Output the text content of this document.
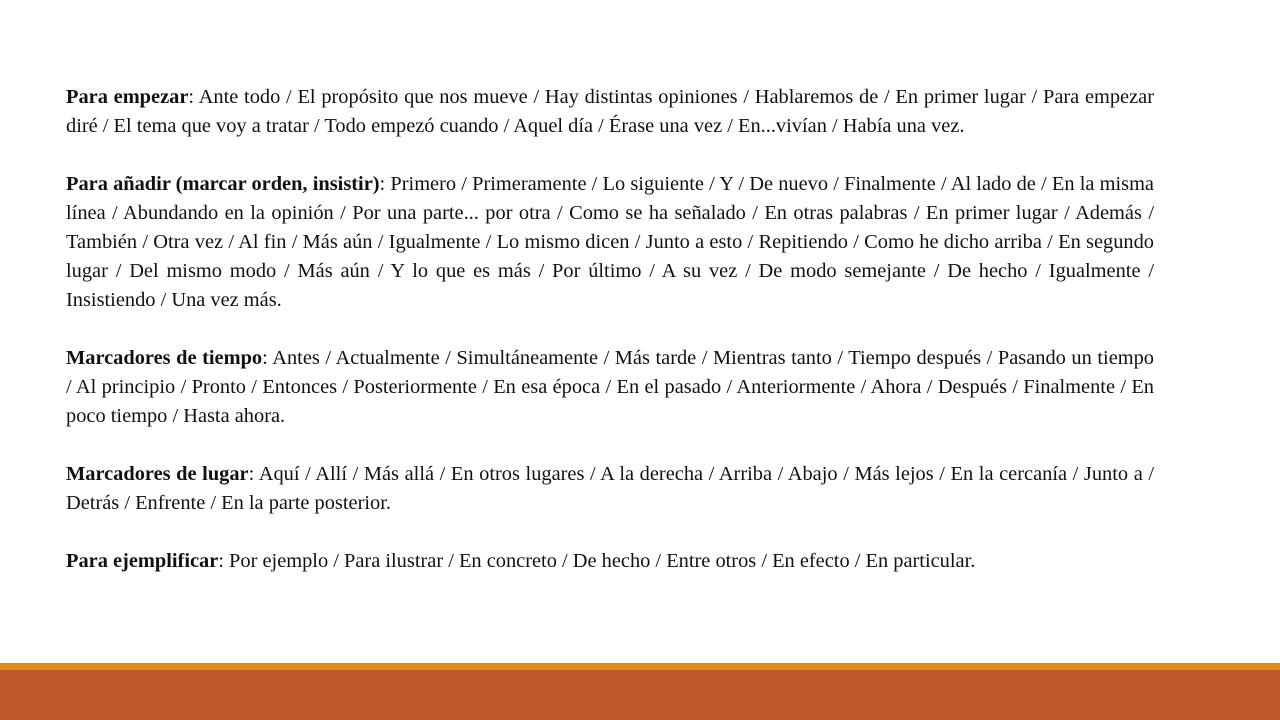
Para empezar: Ante todo / El propósito que nos mueve / Hay distintas opiniones / Hablaremos de / En primer lugar / Para empezar diré / El tema que voy a tratar / Todo empezó cuando / Aquel día / Érase una vez / En...vivían / Había una vez.

Para añadir (marcar orden, insistir): Primero / Primeramente / Lo siguiente / Y / De nuevo / Finalmente / Al lado de / En la misma línea / Abundando en la opinión / Por una parte... por otra / Como se ha señalado / En otras palabras / En primer lugar / Además / También / Otra vez / Al fin / Más aún / Igualmente / Lo mismo dicen / Junto a esto / Repitiendo / Como he dicho arriba / En segundo lugar / Del mismo modo / Más aún / Y lo que es más / Por último / A su vez / De modo semejante / De hecho / Igualmente / Insistiendo / Una vez más.

Marcadores de tiempo: Antes / Actualmente / Simultáneamente / Más tarde / Mientras tanto / Tiempo después / Pasando un tiempo / Al principio / Pronto / Entonces / Posteriormente / En esa época / En el pasado / Anteriormente / Ahora / Después / Finalmente / En poco tiempo / Hasta ahora.

Marcadores de lugar: Aquí / Allí / Más allá / En otros lugares / A la derecha / Arriba / Abajo / Más lejos / En la cercanía / Junto a / Detrás / Enfrente / En la parte posterior.

Para ejemplificar: Por ejemplo / Para ilustrar / En concreto / De hecho / Entre otros / En efecto / En particular.
